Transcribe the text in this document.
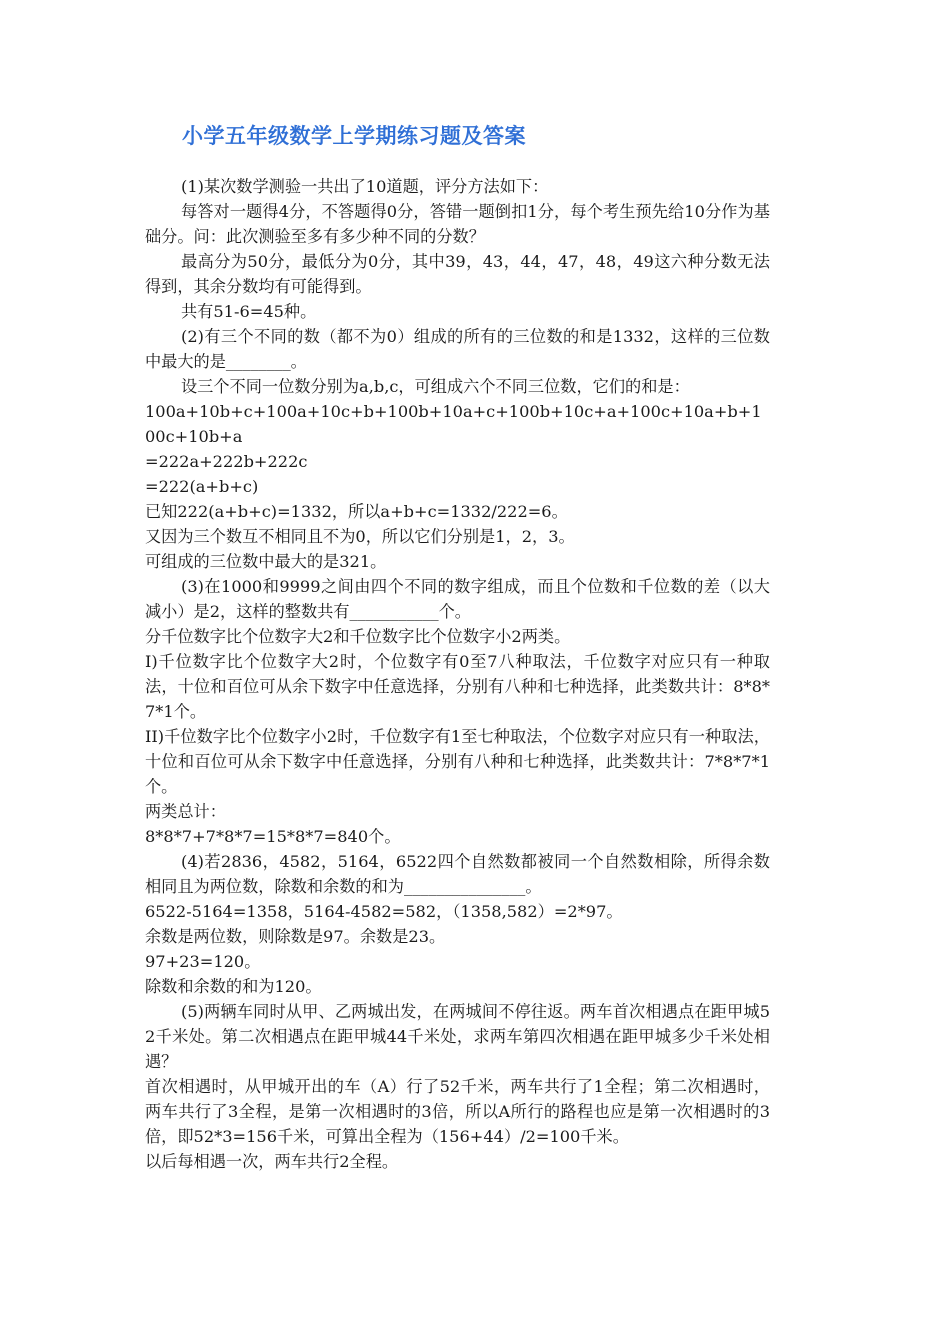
小学五年级数学上学期练习题及答案

(1)某次数学测验一共出了10道题，评分方法如下：

每答对一题得4分，不答题得0分，答错一题倒扣1分，每个考生预先给10分作为基础分。问：此次测验至多有多少种不同的分数？

最高分为50分，最低分为0分，其中39，43，44，47，48，49这六种分数无法得到，其余分数均有可能得到。

共有51-6=45种。

(2)有三个不同的数（都不为0）组成的所有的三位数的和是1332，这样的三位数中最大的是________。

设三个不同一位数分别为a,b,c，可组成六个不同三位数，它们的和是：

100a+10b+c+100a+10c+b+100b+10a+c+100b+10c+a+100c+10a+b+100c+10b+a

=222a+222b+222c

=222(a+b+c)

已知222(a+b+c)=1332，所以a+b+c=1332/222=6。

又因为三个数互不相同且不为0，所以它们分别是1，2，3。

可组成的三位数中最大的是321。

(3)在1000和9999之间由四个不同的数字组成，而且个位数和千位数的差（以大减小）是2，这样的整数共有___________个。

分千位数字比个位数字大2和千位数字比个位数字小2两类。

I)千位数字比个位数字大2时，个位数字有0至7八种取法，千位数字对应只有一种取法，十位和百位可从余下数字中任意选择，分别有八种和七种选择，此类数共计：8*8*7*1个。

II)千位数字比个位数字小2时，千位数字有1至七种取法，个位数字对应只有一种取法，十位和百位可从余下数字中任意选择，分别有八种和七种选择，此类数共计：7*8*7*1个。

两类总计：

8*8*7+7*8*7=15*8*7=840个。

(4)若2836，4582，5164，6522四个自然数都被同一个自然数相除，所得余数相同且为两位数，除数和余数的和为_______________。

6522-5164=1358，5164-4582=582，（1358,582）=2*97。

余数是两位数，则除数是97。余数是23。

97+23=120。

除数和余数的和为120。

(5)两辆车同时从甲、乙两城出发，在两城间不停往返。两车首次相遇点在距甲城52千米处。第二次相遇点在距甲城44千米处，求两车第四次相遇在距甲城多少千米处相遇？

首次相遇时，从甲城开出的车（A）行了52千米，两车共行了1全程；第二次相遇时，两车共行了3全程，是第一次相遇时的3倍，所以A所行的路程也应是第一次相遇时的3倍，即52*3=156千米，可算出全程为（156+44）/2=100千米。

以后每相遇一次，两车共行2全程。
